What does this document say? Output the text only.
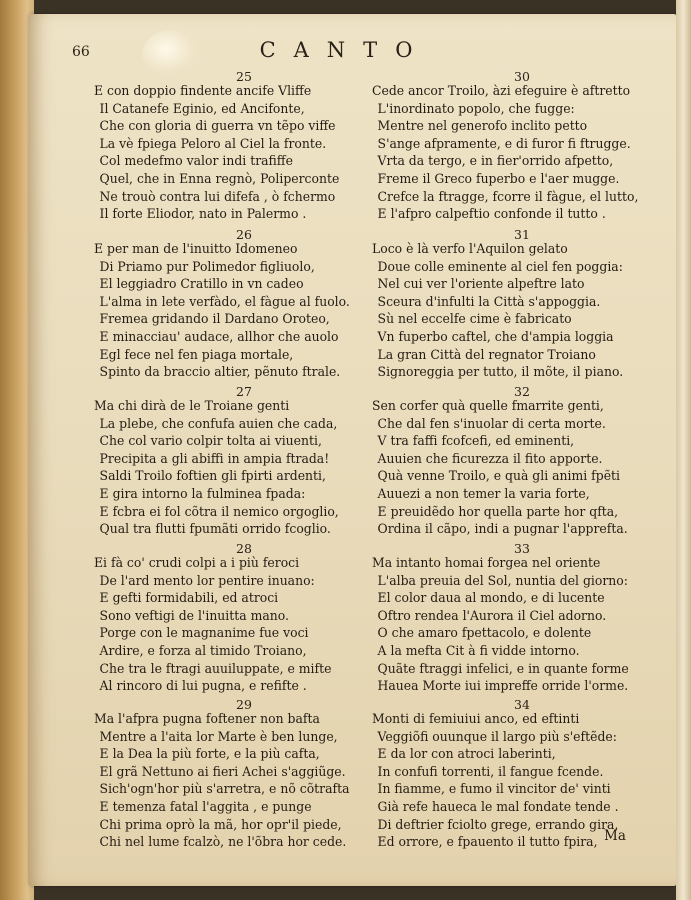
66	CANTO
25
E con doppio findente ancife Vliffe
Il Catanefe Eginio, ed Ancifonte,
Che con gloria di guerra vn tẽpo viffe
La vè fpiega Peloro al Ciel la fronte.
Col medefmo valor indi trafiffe
Quel, che in Enna regnò, Polipercontе
Ne trouò contra lui difefa , ò fchermo
Il forte Eliodor, nato in Palermo .
26
E per man de l'inuitto Idomeneo
Di Priamo pur Polimedor figliuolo,
El leggiadro Cratillo in vn cadeo
L'alma in lete verfàdo, el fàgue al fuolo.
Fremea gridando il Dardano Oroteo,
E minacciau' audace, allhor che auolo
Egl fece nel fen piaga mortale,
Spinto da braccio altier, pẽnuto ftrale.
27
Ma chi dirà de le Troiane genti
La plebe, che confufa auien che cada,
Che col vario colpir tolta ai viuenti,
Precipita a gli abiffi in ampia ftrada!
Saldi Troilo foftien gli fpirti ardenti,
E gira intorno la fulminea fpada:
E fcbra ei fol cõtra il nemico orgoglio,
Qual tra flutti fpumãti orrido fcoglio.
28
Ei fà co' crudi colpi a i più feroci
De l'ard mento lor pentire inuano:
E gefti formidabili, ed atroci
Sono veftigi de l'inuitta mano.
Porge con le magnanime fue voci
Ardire, e forza al timido Troiano,
Che tra le ftragi auuiluppate, e mifte
Al rincoro di lui pugna, e refifte .
29
Ma l'afpra pugna foftener non bafta
Mentre a l'aita lor Marte è ben lunge,
E la Dea la più forte, e la più cafta,
El grã Nettuno ai fieri Achei s'aggiũge.
Sich'ogn'hor più s'arretra, e nõ cõtrafta
E temenza fatal l'aggita , e punge
Chi prima oprò la mã, hor opr'il piede,
Chi nel lume fcalzò, ne l'õbra hor cede.
30
Cede ancor Troilo, àzi efeguire è aftretto
L'inordinato popolo, che fugge:
Mentre nel generofo inclito petto
S'ange afpramente, e di furor fi ftrugge.
Vrta da tergo, e in fier'orrido afpetto,
Freme il Greco fuperbo e l'aer mugge.
Crefce la ftragge, fcorre il fàgue, el lutto,
E l'afpro calpeftio confonde il tutto .
31
Loco è là verfo l'Aquilon gelato
Doue colle eminente al ciel fen poggia:
Nel cui ver l'oriente alpeftre lato
Sceura d'infulti la Città s'appoggia.
Sù nel eccelfe cime è fabricato
Vn fuperbo caftel, che d'ampia loggia
La gran Città del regnator Troiano
Signoreggia per tutto, il mõte, il piano.
32
Sen corfer quà quelle fmarrite genti,
Che dal fen s'inuolar di certa morte.
V tra faffi fcofcefi, ed eminenti,
Auuien che ficurezza il fito apporte.
Quà venne Troilo, e quà gli animi fpẽti
Auuezi a non temer la varia forte,
E preuidẽdo hor quella parte hor qfta,
Ordina il cãpo, indi a pugnar l'apprefta.
33
Ma intanto homai forgea nel oriente
L'alba preuia del Sol, nuntia del giorno:
El color daua al mondo, e di lucente
Oftro rendea l'Aurora il Ciel adorno.
O che amaro fpettacolo, e dolente
A la mefta Cit à fi vidde intorno.
Quãte ftraggi infelici, e in quante forme
Hauea Morte iui impreffe orride l'orme.
34
Monti di femiuiui anco, ed eftinti
Veggiõfi ouunque il largo più s'eftẽde:
E da lor con atroci laberinti,
In confufi torrenti, il fangue fcende.
In fiamme, e fumo il vincitor de' vinti
Già refe haueca le mal fondate tende .
Di deftrier fciolto grege, errando gira,
Ed orrore, e fpauento il tutto fpira, Ma
